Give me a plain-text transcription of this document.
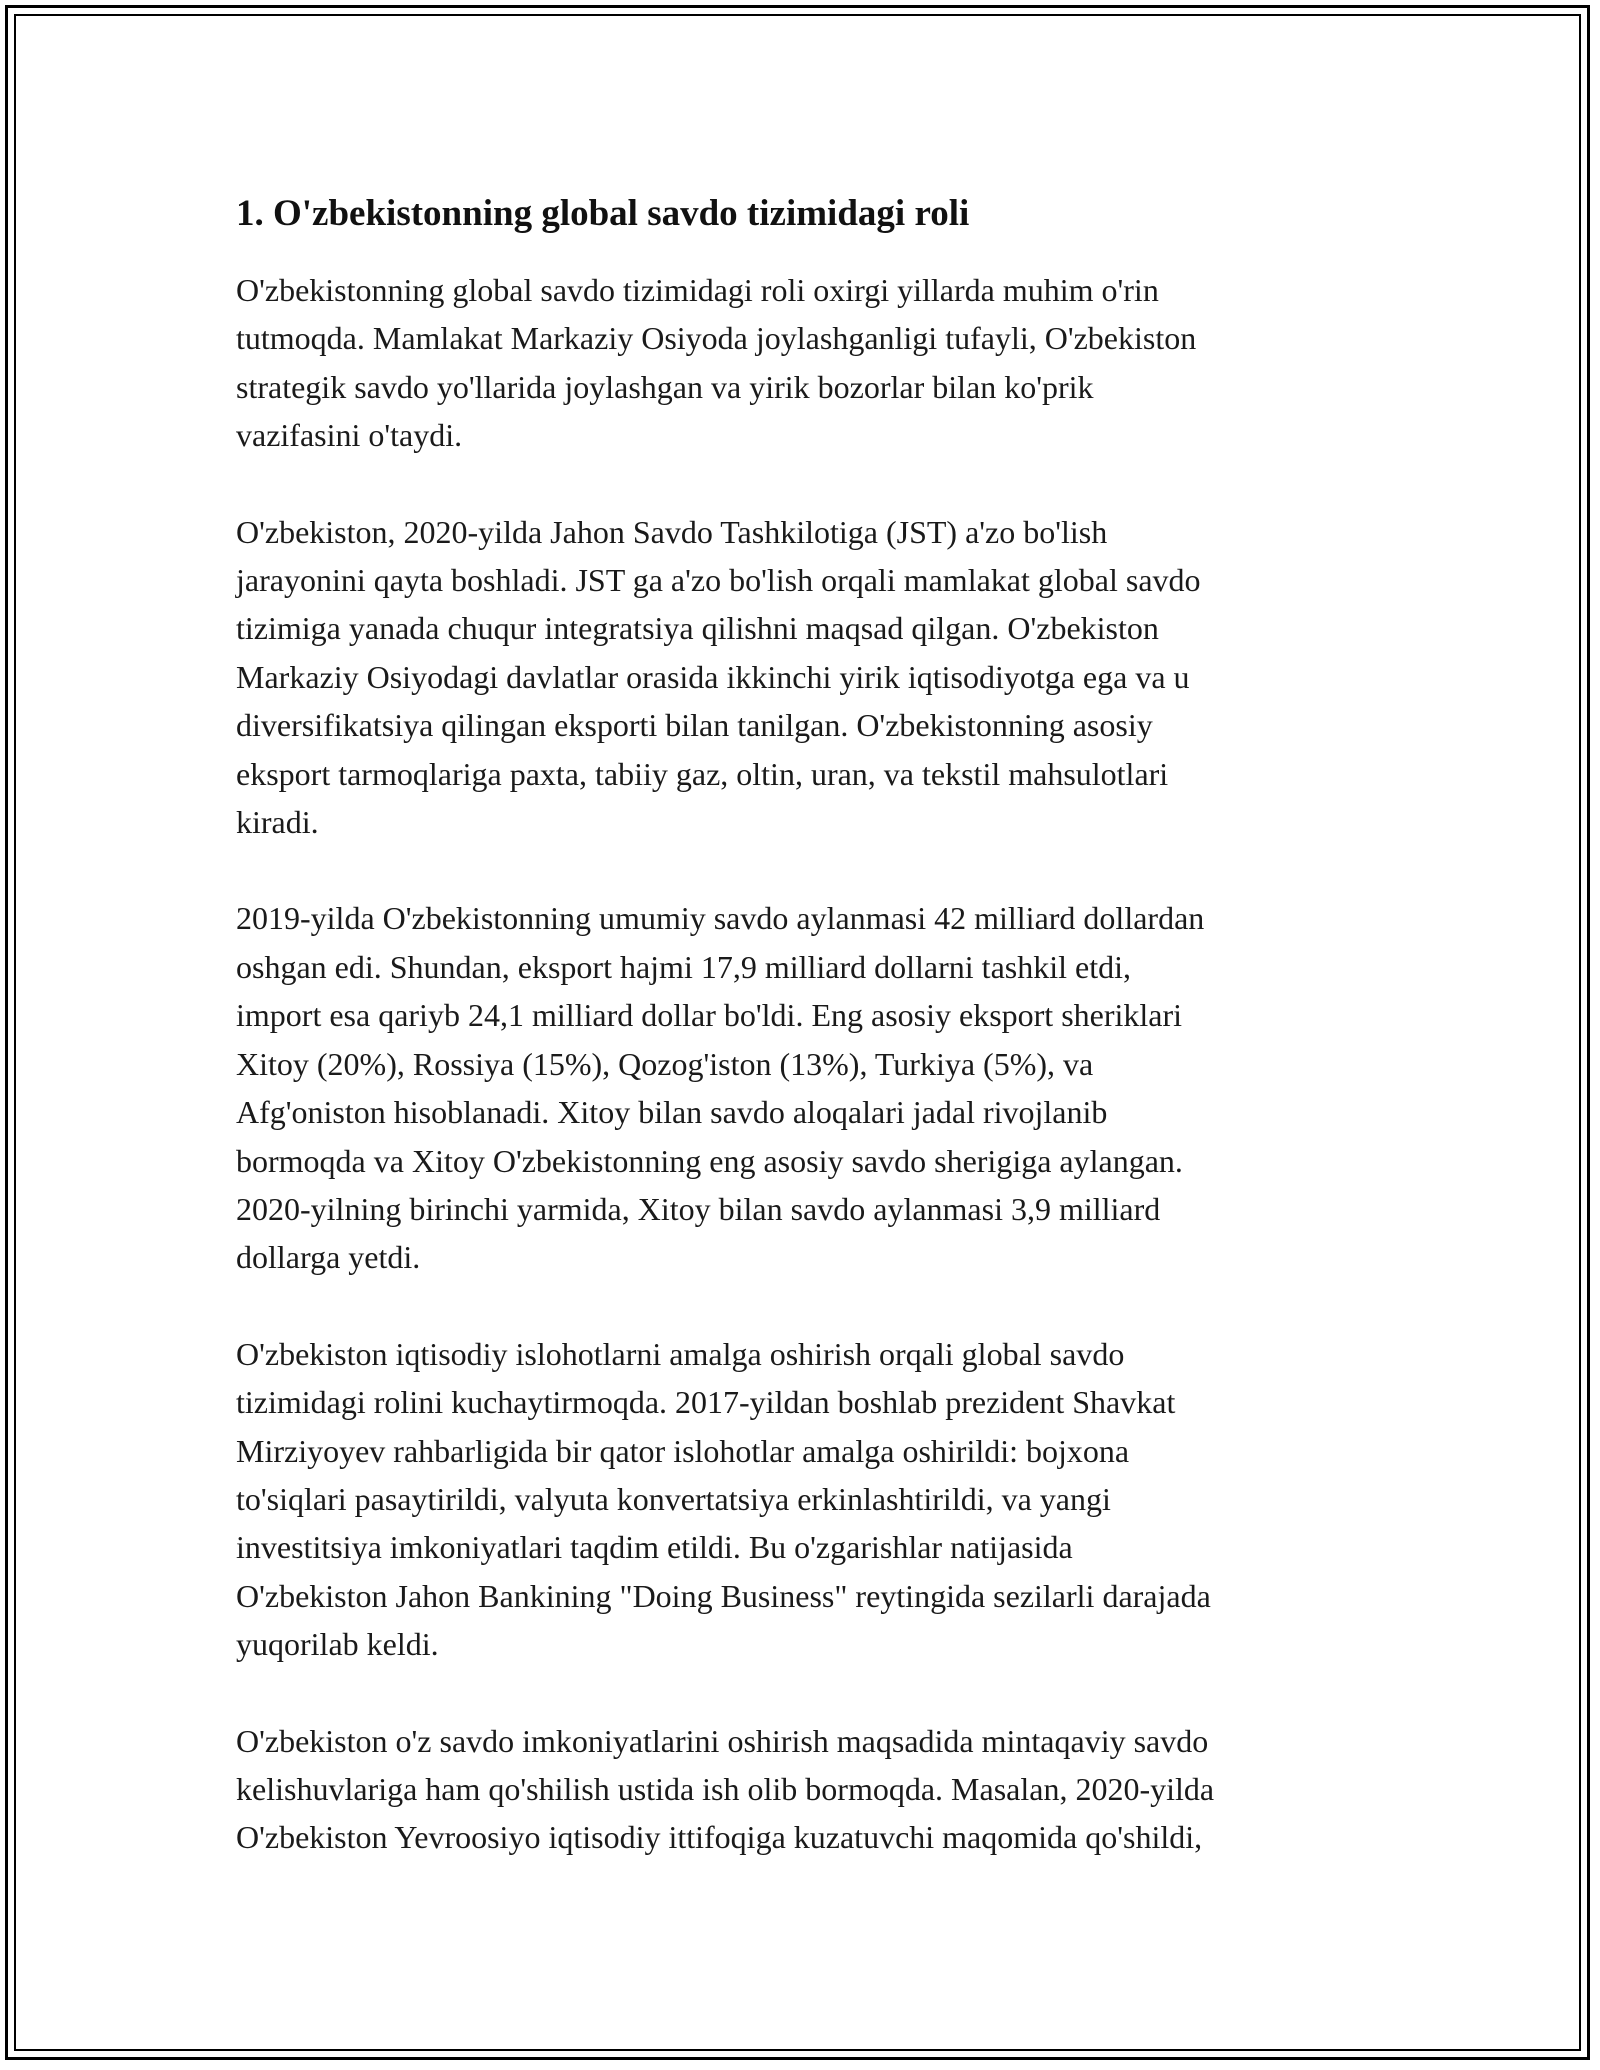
1. O'zbekistonning global savdo tizimidagi roli

O'zbekistonning global savdo tizimidagi roli oxirgi yillarda muhim o'rin
tutmoqda. Mamlakat Markaziy Osiyoda joylashganligi tufayli, O'zbekiston
strategik savdo yo'llarida joylashgan va yirik bozorlar bilan ko'prik
vazifasini o'taydi.

O'zbekiston, 2020-yilda Jahon Savdo Tashkilotiga (JST) a'zo bo'lish
jarayonini qayta boshladi. JST ga a'zo bo'lish orqali mamlakat global savdo
tizimiga yanada chuqur integratsiya qilishni maqsad qilgan. O'zbekiston
Markaziy Osiyodagi davlatlar orasida ikkinchi yirik iqtisodiyotga ega va u
diversifikatsiya qilingan eksporti bilan tanilgan. O'zbekistonning asosiy
eksport tarmoqlariga paxta, tabiiy gaz, oltin, uran, va tekstil mahsulotlari
kiradi.

2019-yilda O'zbekistonning umumiy savdo aylanmasi 42 milliard dollardan
oshgan edi. Shundan, eksport hajmi 17,9 milliard dollarni tashkil etdi,
import esa qariyb 24,1 milliard dollar bo'ldi. Eng asosiy eksport sheriklari
Xitoy (20%), Rossiya (15%), Qozog'iston (13%), Turkiya (5%), va
Afg'oniston hisoblanadi. Xitoy bilan savdo aloqalari jadal rivojlanib
bormoqda va Xitoy O'zbekistonning eng asosiy savdo sherigiga aylangan.
2020-yilning birinchi yarmida, Xitoy bilan savdo aylanmasi 3,9 milliard
dollarga yetdi.

O'zbekiston iqtisodiy islohotlarni amalga oshirish orqali global savdo
tizimidagi rolini kuchaytirmoqda. 2017-yildan boshlab prezident Shavkat
Mirziyoyev rahbarligida bir qator islohotlar amalga oshirildi: bojxona
to'siqlari pasaytirildi, valyuta konvertatsiya erkinlashtirildi, va yangi
investitsiya imkoniyatlari taqdim etildi. Bu o'zgarishlar natijasida
O'zbekiston Jahon Bankining "Doing Business" reytingida sezilarli darajada
yuqorilab keldi.

O'zbekiston o'z savdo imkoniyatlarini oshirish maqsadida mintaqaviy savdo
kelishuvlariga ham qo'shilish ustida ish olib bormoqda. Masalan, 2020-yilda
O'zbekiston Yevroosiyo iqtisodiy ittifoqiga kuzatuvchi maqomida qo'shildi,
